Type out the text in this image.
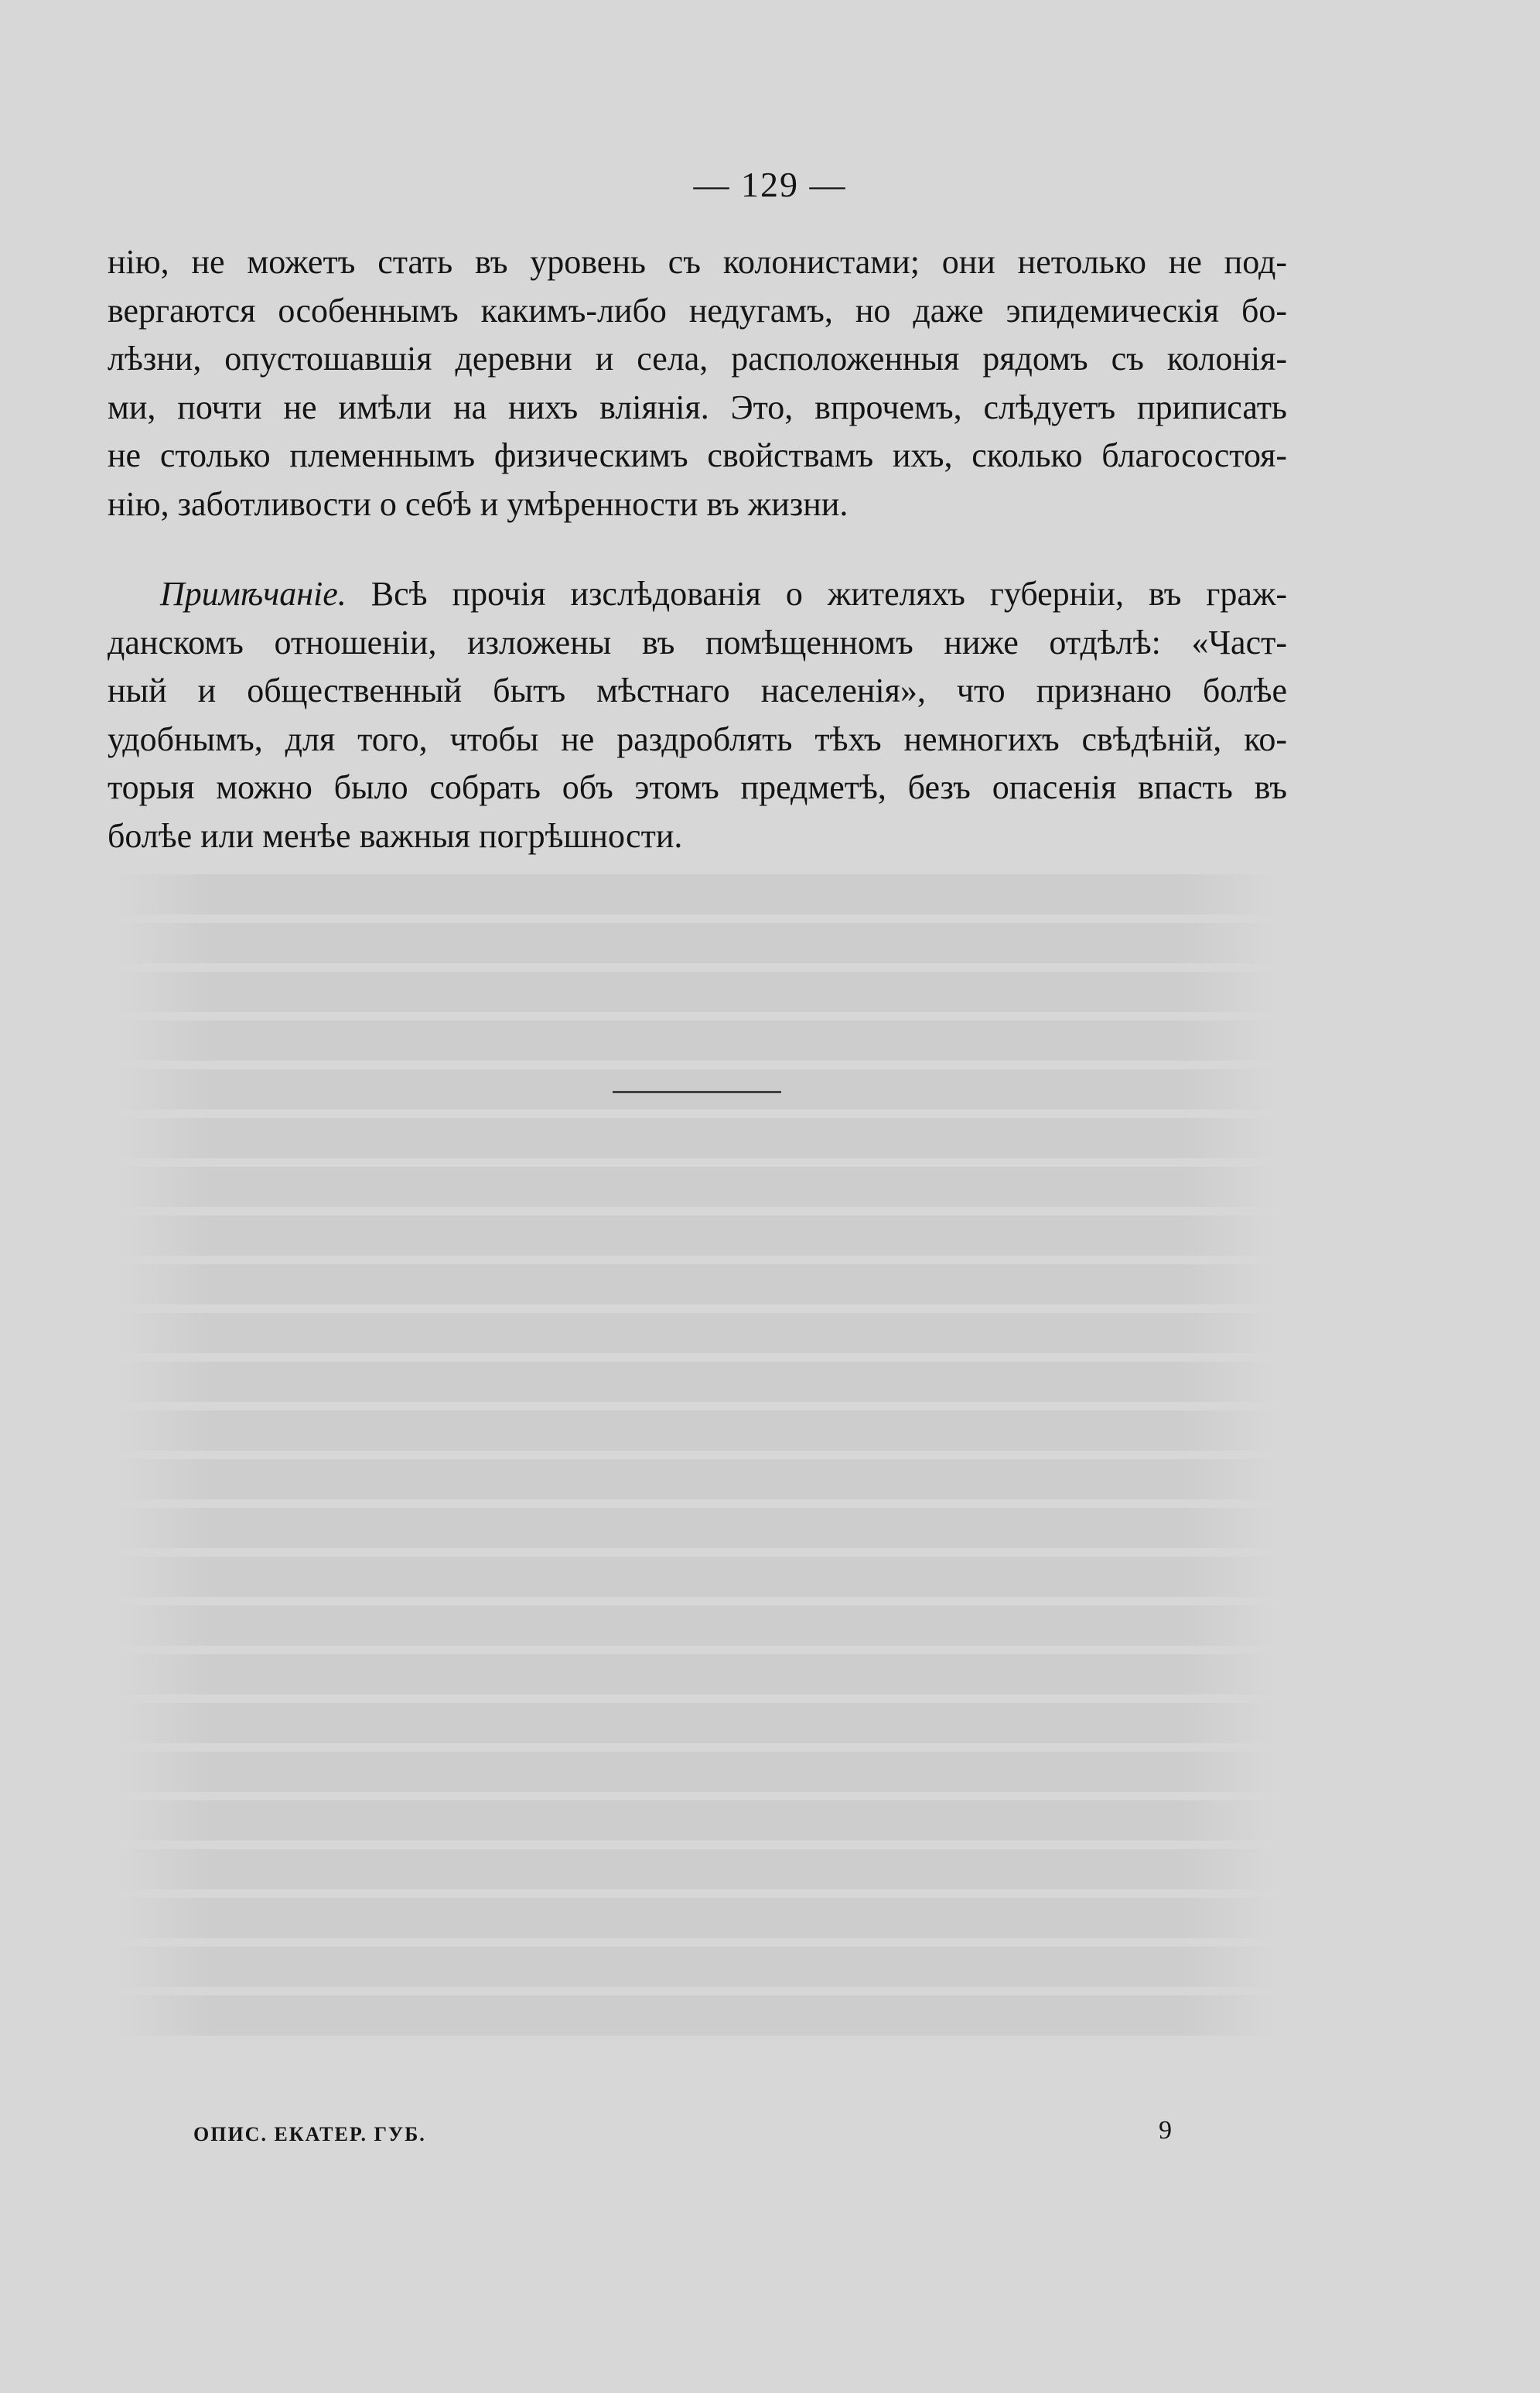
— 129 —
нію, не можетъ стать въ уровень съ колонистами; они нетолько не под-
вергаются особеннымъ какимъ-либо недугамъ, но даже эпидемическія бо-
лѣзни, опустошавшія деревни и села, расположенныя рядомъ съ колонія-
ми, почти не имѣли на нихъ вліянія. Это, впрочемъ, слѣдуетъ приписать
не столько племеннымъ физическимъ свойствамъ ихъ, сколько благосостоя-
нію, заботливости о себѣ и умѣренности въ жизни.
Примѣчаніе. Всѣ прочія изслѣдованія о жителяхъ губерніи, въ граж-
данскомъ отношеніи, изложены въ помѣщенномъ ниже отдѣлѣ: «Част-
ный и общественный бытъ мѣстнаго населенія», что признано болѣе
удобнымъ, для того, чтобы не раздроблять тѣхъ немногихъ свѣдѣній, ко-
торыя можно было собрать объ этомъ предметѣ, безъ опасенія впасть въ
болѣе или менѣе важныя погрѣшности.
ОПИС. ЕКАТЕР. ГУБ.	9
